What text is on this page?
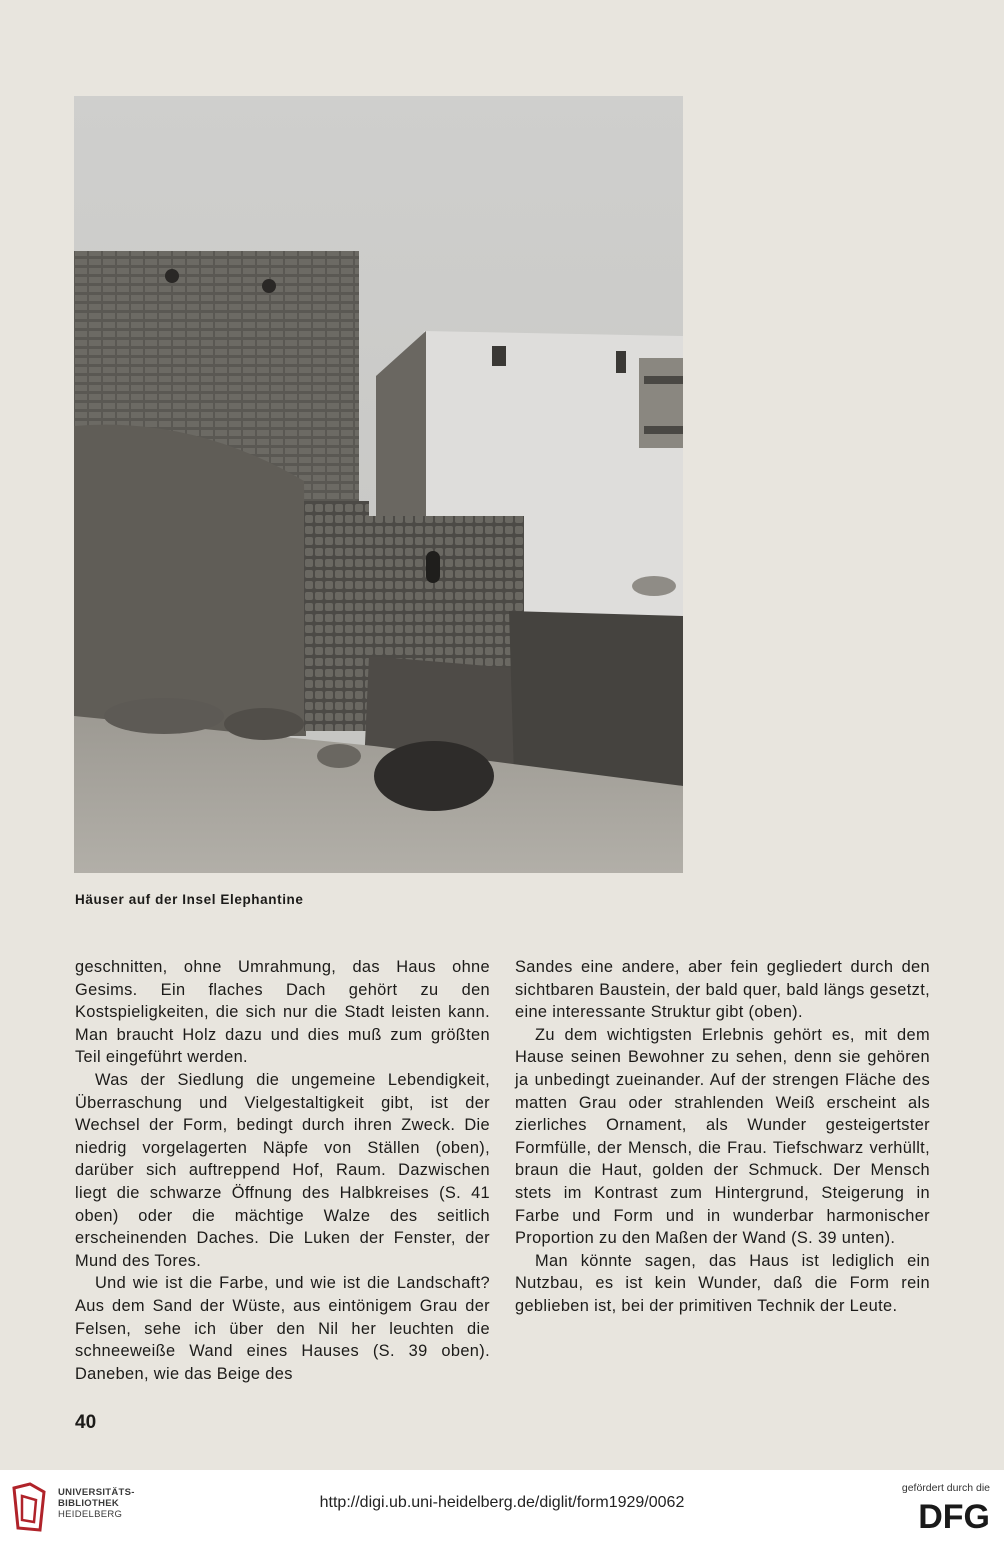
Häuser auf der Insel Elephantine

geschnitten, ohne Umrahmung, das Haus ohne Gesims. Ein flaches Dach gehört zu den Kostspieligkeiten, die sich nur die Stadt leisten kann. Man braucht Holz dazu und dies muß zum größten Teil eingeführt werden.

Was der Siedlung die ungemeine Lebendigkeit, Überraschung und Vielgestaltigkeit gibt, ist der Wechsel der Form, bedingt durch ihren Zweck. Die niedrig vorgelagerten Näpfe von Ställen (oben), darüber sich auftreppend Hof, Raum. Dazwischen liegt die schwarze Öffnung des Halbkreises (S. 41 oben) oder die mächtige Walze des seitlich erscheinenden Daches. Die Luken der Fenster, der Mund des Tores.

Und wie ist die Farbe, und wie ist die Landschaft? Aus dem Sand der Wüste, aus eintönigem Grau der Felsen, sehe ich über den Nil her leuchten die schneeweiße Wand eines Hauses (S. 39 oben). Daneben, wie das Beige des

Sandes eine andere, aber fein gegliedert durch den sichtbaren Baustein, der bald quer, bald längs gesetzt, eine interessante Struktur gibt (oben).

Zu dem wichtigsten Erlebnis gehört es, mit dem Hause seinen Bewohner zu sehen, denn sie gehören ja unbedingt zueinander. Auf der strengen Fläche des matten Grau oder strahlenden Weiß erscheint als zierliches Ornament, als Wunder gesteigertster Formfülle, der Mensch, die Frau. Tiefschwarz verhüllt, braun die Haut, golden der Schmuck. Der Mensch stets im Kontrast zum Hintergrund, Steigerung in Farbe und Form und in wunderbar harmonischer Proportion zu den Maßen der Wand (S. 39 unten).

Man könnte sagen, das Haus ist lediglich ein Nutzbau, es ist kein Wunder, daß die Form rein geblieben ist, bei der primitiven Technik der Leute.

40
UNIVERSITÄTS-
BIBLIOTHEK
HEIDELBERG
http://digi.ub.uni-heidelberg.de/diglit/form1929/0062
gefördert durch die
DFG
